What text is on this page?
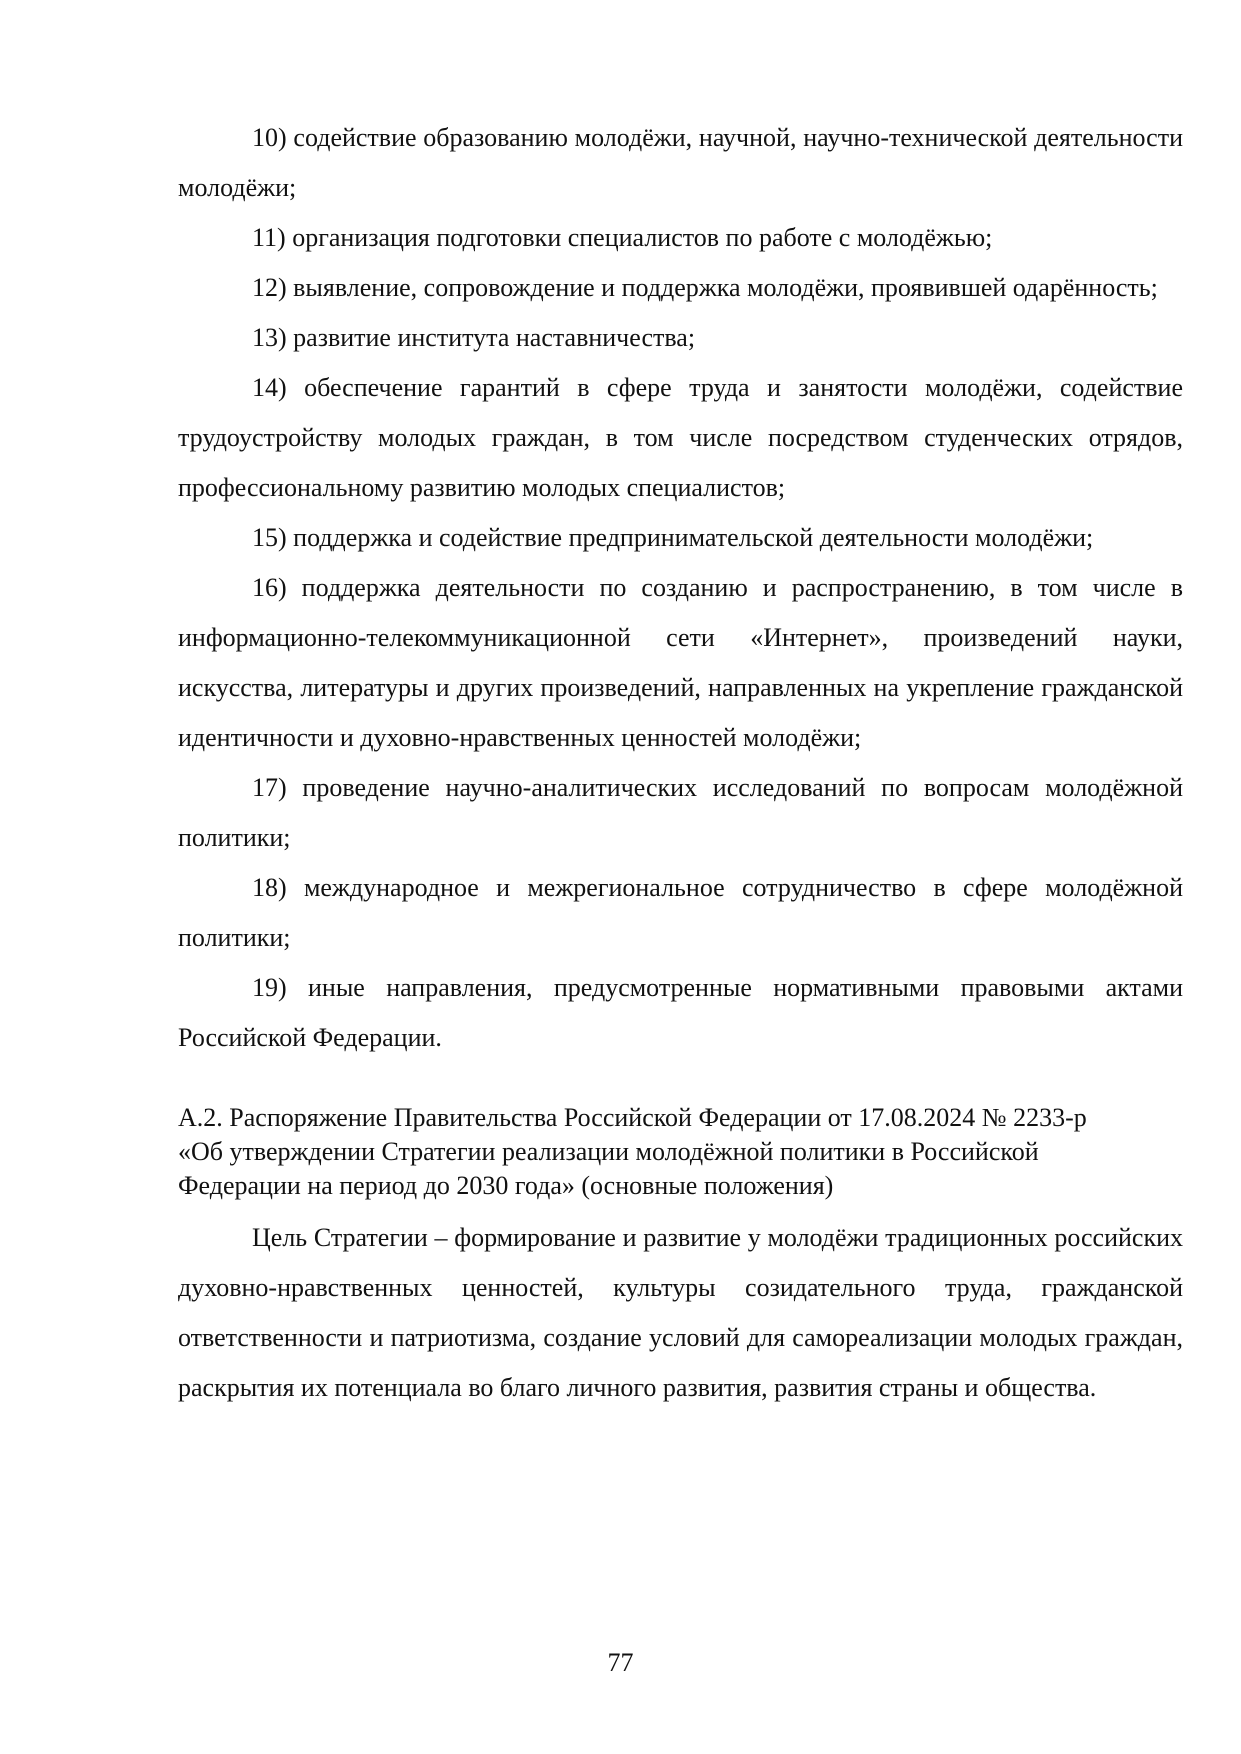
10) содействие образованию молодёжи, научной, научно-технической деятельности молодёжи;

11) организация подготовки специалистов по работе с молодёжью;

12) выявление, сопровождение и поддержка молодёжи, проявившей одарённость;

13) развитие института наставничества;

14) обеспечение гарантий в сфере труда и занятости молодёжи, содействие трудоустройству молодых граждан, в том числе посредством студенческих отрядов, профессиональному развитию молодых специалистов;

15) поддержка и содействие предпринимательской деятельности молодёжи;

16) поддержка деятельности по созданию и распространению, в том числе в информационно-телекоммуникационной сети «Интернет», произведений науки, искусства, литературы и других произведений, направленных на укрепление гражданской идентичности и духовно-нравственных ценностей молодёжи;

17) проведение научно-аналитических исследований по вопросам молодёжной политики;

18) международное и межрегиональное сотрудничество в сфере молодёжной политики;

19) иные направления, предусмотренные нормативными правовыми актами Российской Федерации.

А.2. Распоряжение Правительства Российской Федерации от 17.08.2024 № 2233-р «Об утверждении Стратегии реализации молодёжной политики в Российской Федерации на период до 2030 года» (основные положения)

Цель Стратегии – формирование и развитие у молодёжи традиционных российских духовно-нравственных ценностей, культуры созидательного труда, гражданской ответственности и патриотизма, создание условий для самореализации молодых граждан, раскрытия их потенциала во благо личного развития, развития страны и общества.

77
